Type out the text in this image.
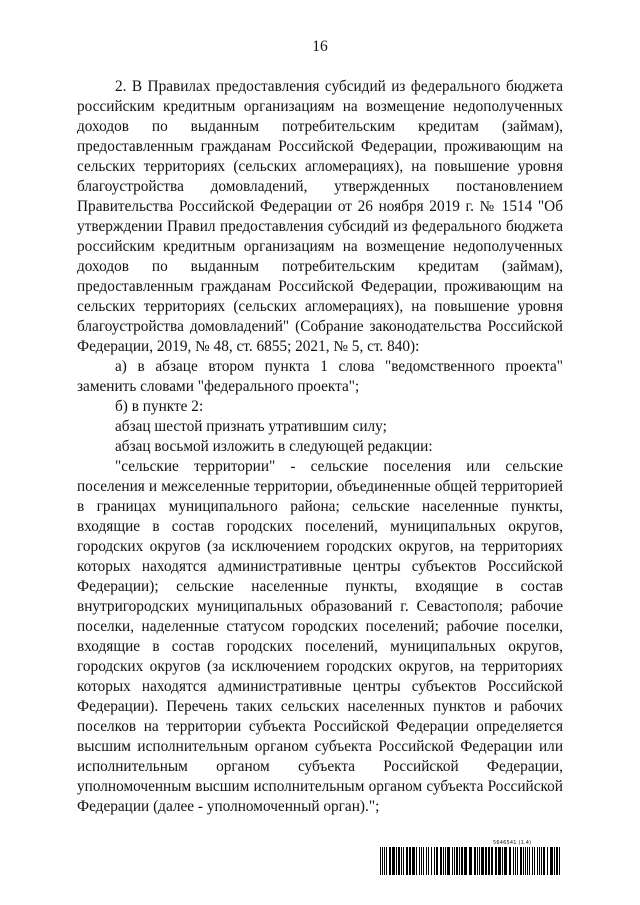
16

2. В Правилах предоставления субсидий из федерального бюджета российским кредитным организациям на возмещение недополученных доходов по выданным потребительским кредитам (займам), предоставленным гражданам Российской Федерации, проживающим на сельских территориях (сельских агломерациях), на повышение уровня благоустройства домовладений, утвержденных постановлением Правительства Российской Федерации от 26 ноября 2019 г. № 1514 "Об утверждении Правил предоставления субсидий из федерального бюджета российским кредитным организациям на возмещение недополученных доходов по выданным потребительским кредитам (займам), предоставленным гражданам Российской Федерации, проживающим на сельских территориях (сельских агломерациях), на повышение уровня благоустройства домовладений" (Собрание законодательства Российской Федерации, 2019, № 48, ст. 6855; 2021, № 5, ст. 840):

а) в абзаце втором пункта 1 слова "ведомственного проекта" заменить словами "федерального проекта";

б) в пункте 2:

абзац шестой признать утратившим силу;

абзац восьмой изложить в следующей редакции:

"сельские территории" - сельские поселения или сельские поселения и межселенные территории, объединенные общей территорией в границах муниципального района; сельские населенные пункты, входящие в состав городских поселений, муниципальных округов, городских округов (за исключением городских округов, на территориях которых находятся административные центры субъектов Российской Федерации); сельские населенные пункты, входящие в состав внутригородских муниципальных образований г. Севастополя; рабочие поселки, наделенные статусом городских поселений; рабочие поселки, входящие в состав городских поселений, муниципальных округов, городских округов (за исключением городских округов, на территориях которых находятся административные центры субъектов Российской Федерации). Перечень таких сельских населенных пунктов и рабочих поселков на территории субъекта Российской Федерации определяется высшим исполнительным органом субъекта Российской Федерации или исполнительным органом субъекта Российской Федерации, уполномоченным высшим исполнительным органом субъекта Российской Федерации (далее - уполномоченный орган).";

5646541 (1.4)
